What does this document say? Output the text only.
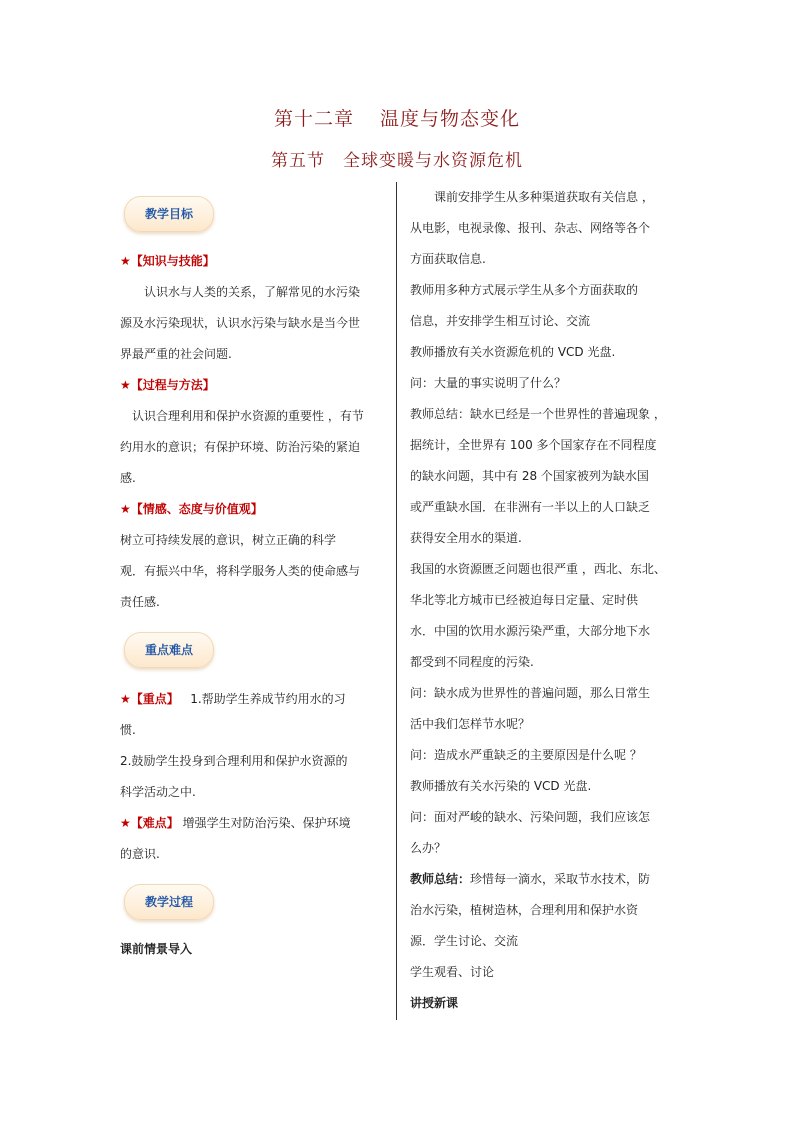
第十二章 温度与物态变化
第五节 全球变暖与水资源危机
教学目标

★【知识与技能】

认识水与人类的关系，了解常见的水污染

源及水污染现状，认识水污染与缺水是当今世

界最严重的社会问题.

★【过程与方法】

认识合理利用和保护水资源的重要性 ，有节

约用水的意识；有保护环境、防治污染的紧迫

感.

★【情感、态度与价值观】

树立可持续发展的意识，树立正确的科学

观．有振兴中华，将科学服务人类的使命感与

责任感.

重点难点

★【重点】 1.帮助学生养成节约用水的习

惯.

2.鼓励学生投身到合理利用和保护水资源的

科学活动之中.

★【难点】 增强学生对防治污染、保护环境

的意识.

教学过程

课前情景导入

课前安排学生从多种渠道获取有关信息 ，

从电影，电视录像、报刊、杂志、网络等各个

方面获取信息.

教师用多种方式展示学生从多个方面获取的

信息，并安排学生相互讨论、交流

教师播放有关水资源危机的 VCD 光盘.

问：大量的事实说明了什么？

教师总结：缺水已经是一个世界性的普遍现象 ，

据统计，全世界有 100 多个国家存在不同程度

的缺水问题，其中有 28 个国家被列为缺水国

或严重缺水国．在非洲有一半以上的人口缺乏

获得安全用水的渠道.

我国的水资源匮乏问题也很严重 ，西北、东北、

华北等北方城市已经被迫每日定量、定时供

水．中国的饮用水源污染严重，大部分地下水

都受到不同程度的污染.

问：缺水成为世界性的普遍问题，那么日常生

活中我们怎样节水呢？

问：造成水严重缺乏的主要原因是什么呢 ？

教师播放有关水污染的 VCD 光盘.

问：面对严峻的缺水、污染问题，我们应该怎

么办？

教师总结：珍惜每一滴水，采取节水技术，防

治水污染，植树造林，合理利用和保护水资

源．学生讨论、交流

学生观看、讨论

讲授新课
